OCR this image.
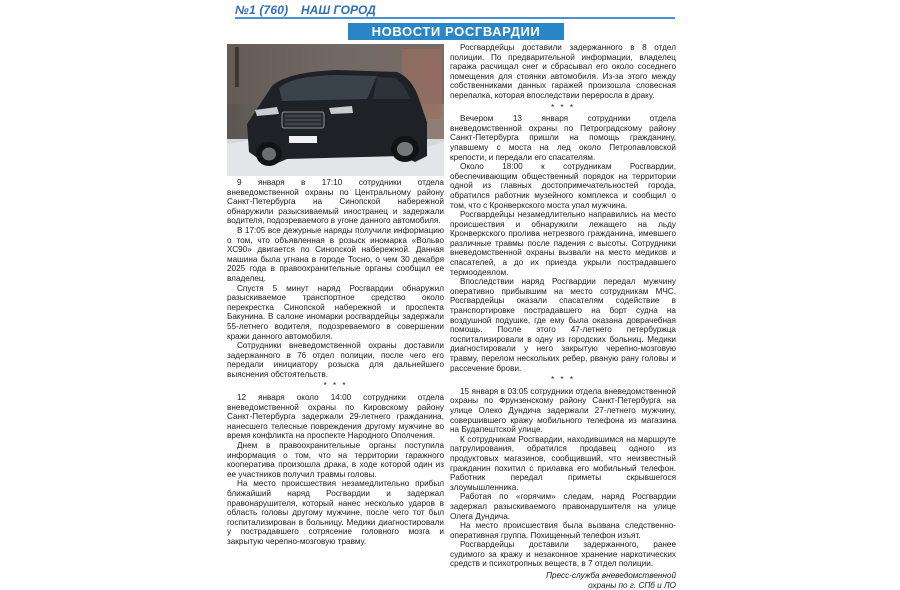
№1 (760) НАШ ГОРОД
НОВОСТИ РОСГВАРДИИ

9 января в 17:10 сотрудники отдела вневедомственной охраны по Центральному району Санкт-Петербурга на Синопской набережной обнаружили разыскиваемый иностранец и задержали водителя, подозреваемого в угоне данного автомобиля.

В 17:05 все дежурные наряды получили информацию о том, что объявленная в розыск иномарка «Вольво ХС90» двигается по Синопской набережной. Данная машина была угнана в городе Тосно, о чем 30 декабря 2025 года в правоохранительные органы сообщил ее владелец.

Спустя 5 минут наряд Росгвардии обнаружил разыскиваемое транспортное средство около перекрестка Синопской набережной и проспекта Бакунина. В салоне иномарки росгвардейцы задержали 55-летнего водителя, подозреваемого в совершении кражи данного автомобиля.

Сотрудники вневедомственной охраны доставили задержанного в 76 отдел полиции, после чего его передали инициатору розыска для дальнейшего выяснения обстоятельств.

* * *

12 января около 14:00 сотрудники отдела вневедомственной охраны по Кировскому району Санкт-Петербурга задержали 29-летнего гражданина, нанесшего телесные повреждения другому мужчине во время конфликта на проспекте Народного Ополчения.

Днем в правоохранительные органы поступила информация о том, что на территории гаражного кооператива произошла драка, в ходе которой один из ее участников получил травмы головы.

На место происшествия незамедлительно прибыл ближайший наряд Росгвардии и задержал правонарушителя, который нанес несколько ударов в область головы другому мужчине, после чего тот был госпитализирован в больницу. Медики диагностировали у пострадавшего сотрясение головного мозга и закрытую черепно-мозговую травму.

Росгвардейцы доставили задержанного в 8 отдел полиции. По предварительной информации, владелец гаража расчищал снег и сбрасывал его около соседнего помещения для стоянки автомобиля. Из-за этого между собственниками данных гаражей произошла словесная перепалка, которая впоследствии переросла в драку.

* * *

Вечером 13 января сотрудники отдела вневедомственной охраны по Петроградскому району Санкт-Петербурга пришли на помощь гражданину, упавшему с моста на лед около Петропавловской крепости, и передали его спасателям.

Около 18:00 к сотрудникам Росгвардии, обеспечивающим общественный порядок на территории одной из главных достопримечательностей города, обратился работник музейного комплекса и сообщил о том, что с Кронверкского моста упал мужчина.

Росгвардейцы незамедлительно направились на место происшествия и обнаружили лежащего на льду Кронверкского пролива нетрезвого гражданина, имевшего различные травмы после падения с высоты. Сотрудники вневедомственной охраны вызвали на место медиков и спасателей, а до их приезда укрыли пострадавшего термоодеялом.

Впоследствии наряд Росгвардии передал мужчину оперативно прибывшим на место сотрудникам МЧС. Росгвардейцы оказали спасателям содействие в транспортировке пострадавшего на борт судна на воздушной подушке, где ему была оказана доврачебная помощь. После этого 47-летнего петербуржца госпитализировали в одну из городских больниц. Медики диагностировали у него закрытую черепно-мозговую травму, перелом нескольких ребер, рваную рану головы и рассечение брови.

* * *

15 января в 03:05 сотрудники отдела вневедомственной охраны по Фрунзенскому району Санкт-Петербурга на улице Олеко Дундича задержали 27-летнего мужчину, совершившего кражу мобильного телефона из магазина на Будапештской улице.

К сотрудникам Росгвардии, находившимся на маршруте патрулирования, обратился продавец одного из продуктовых магазинов, сообщивший, что неизвестный гражданин похитил с прилавка его мобильный телефон. Работник передал приметы скрывшегося злоумышленника.

Работая по «горячим» следам, наряд Росгвардии задержал разыскиваемого правонарушителя на улице Олега Дундича.

На место происшествия была вызвана следственно-оперативная группа. Похищенный телефон изъят.

Росгвардейцы доставили задержанного, ранее судимого за кражу и незаконное хранение наркотических средств и психотропных веществ, в 7 отдел полиции.

Пресс-служба вневедомственной
охраны по г. СПб и ЛО
